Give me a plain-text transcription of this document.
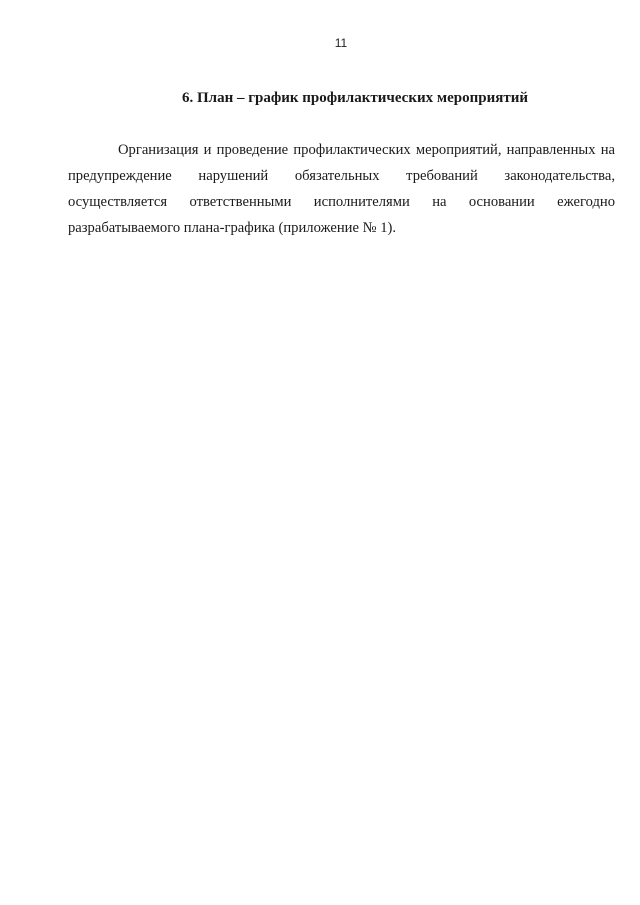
11
6. План – график профилактических мероприятий

Организация и проведение профилактических мероприятий, направленных на
предупреждение нарушений обязательных требований законодательства,
осуществляется ответственными исполнителями на основании ежегодно
разрабатываемого плана-графика (приложение № 1).
